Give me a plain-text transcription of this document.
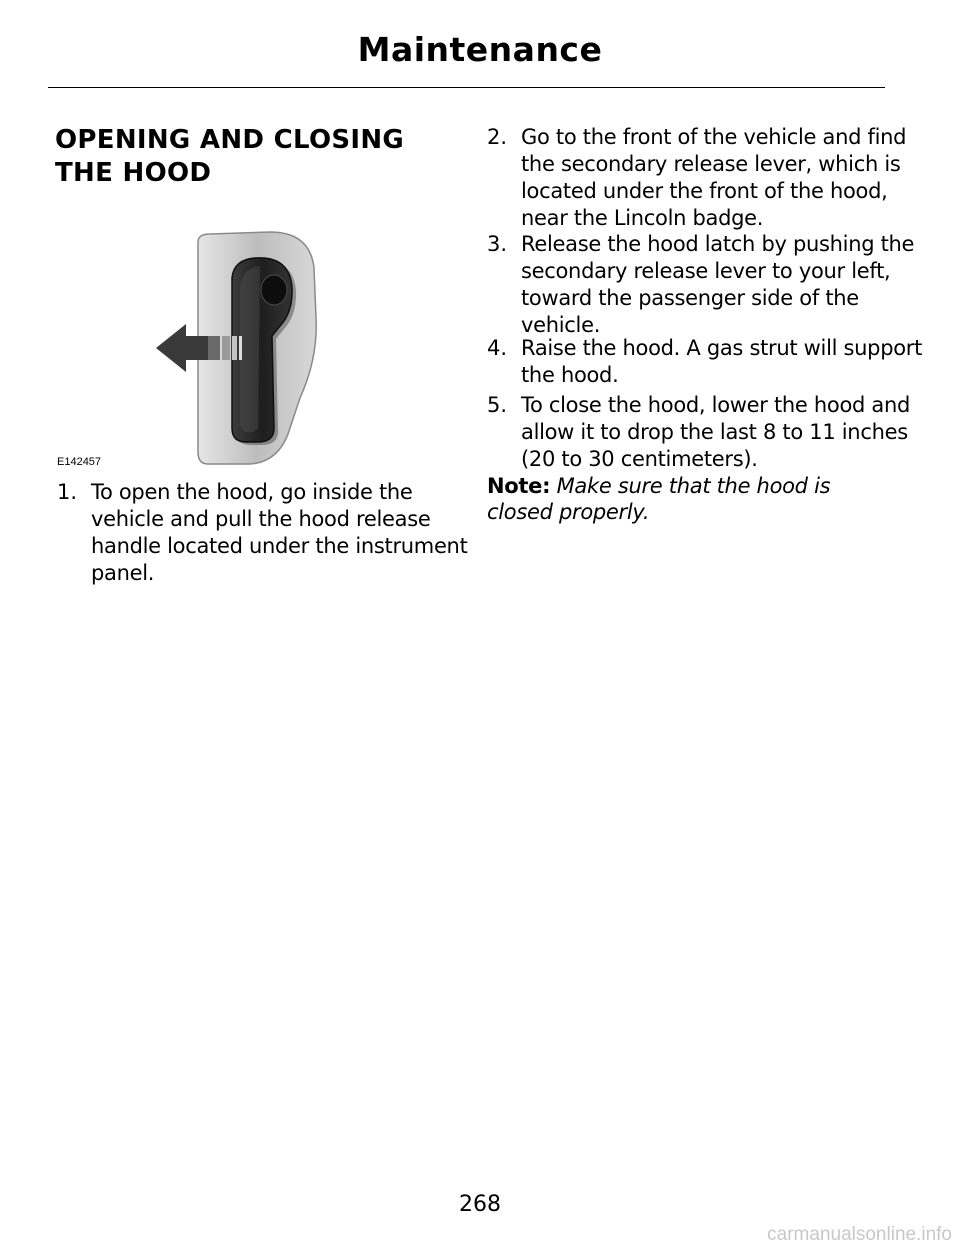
Maintenance
OPENING AND CLOSING
THE HOOD
E142457

1. To open the hood, go inside the vehicle and pull the hood release handle located under the instrument panel.

2. Go to the front of the vehicle and find the secondary release lever, which is located under the front of the hood, near the Lincoln badge.

3. Release the hood latch by pushing the secondary release lever to your left, toward the passenger side of the vehicle.

4. Raise the hood. A gas strut will support the hood.

5. To close the hood, lower the hood and allow it to drop the last 8 to 11 inches (20 to 30 centimeters).

Note: Make sure that the hood is closed properly.

268
carmanualsonline.info
